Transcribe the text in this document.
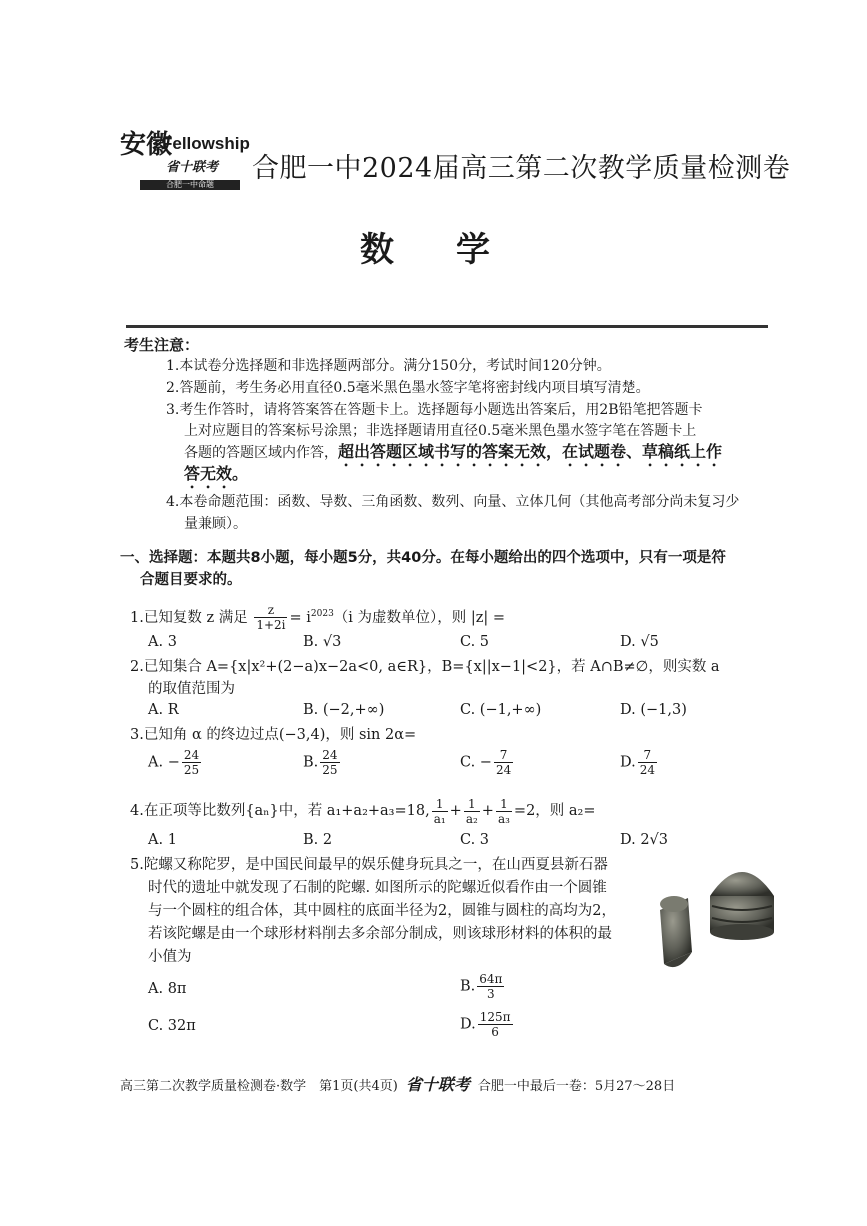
安徽
Fellowship
省十联考
合肥一中命题
合肥一中2024届高三第二次教学质量检测卷
数学
考生注意：
1.本试卷分选择题和非选择题两部分。满分150分，考试时间120分钟。
2.答题前，考生务必用直径0.5毫米黑色墨水签字笔将密封线内项目填写清楚。
3.考生作答时，请将答案答在答题卡上。选择题每小题选出答案后，用2B铅笔把答题卡
上对应题目的答案标号涂黑；非选择题请用直径0.5毫米黑色墨水签字笔在答题卡上
各题的答题区域内作答，超出答题区域书写的答案无效，在试题卷、草稿纸上作
答无效。
4.本卷命题范围：函数、导数、三角函数、数列、向量、立体几何（其他高考部分尚未复习少
量兼顾）。
一、选择题：本题共8小题，每小题5分，共40分。在每小题给出的四个选项中，只有一项是符
合题目要求的。
1.已知复数 z 满足 $\frac{z}{1+2i} = i^{2023}(i$ 为虚数单位），则 |z| =
A. 3	B. √3	C. 5	D. √5
2.已知集合 A={x|x²+(2−a)x−2a<0, a∈R}，B={x||x−1|<2}，若 A∩B≠∅，则实数 a
的取值范围为
A. R	B. (−2,+∞)	C. (−1,+∞)	D. (−1,3)
3.已知角 α 的终边过点(−3,4)，则 sin 2α=
A. − $\frac{24}{25}$	B. $\frac{24}{25}$	C. − $\frac{7}{24}$	D. $\frac{7}{24}$
4.在正项等比数列{aₙ}中，若 a₁+a₂+a₃=18, $\frac{1}{\text{a₁}} + \frac{1}{\text{a₂}} + \frac{1}{\text{a₃}} =2$，则 a₂=
A. 1	B. 2	C. 3	D. 2√3
5.陀螺又称陀罗，是中国民间最早的娱乐健身玩具之一，在山西夏县新石器
时代的遗址中就发现了石制的陀螺. 如图所示的陀螺近似看作由一个圆锥
与一个圆柱的组合体，其中圆柱的底面半径为2，圆锥与圆柱的高均为2，
若该陀螺是由一个球形材料削去多余部分制成，则该球形材料的体积的最
小值为
A. 8π	B. $\frac{64\pi}{3}$
C. 32π	D. $\frac{125\pi}{6}$
高三第二次教学质量检测卷·数学　第1页(共4页) 省十联考 合肥一中最后一卷：5月27～28日
